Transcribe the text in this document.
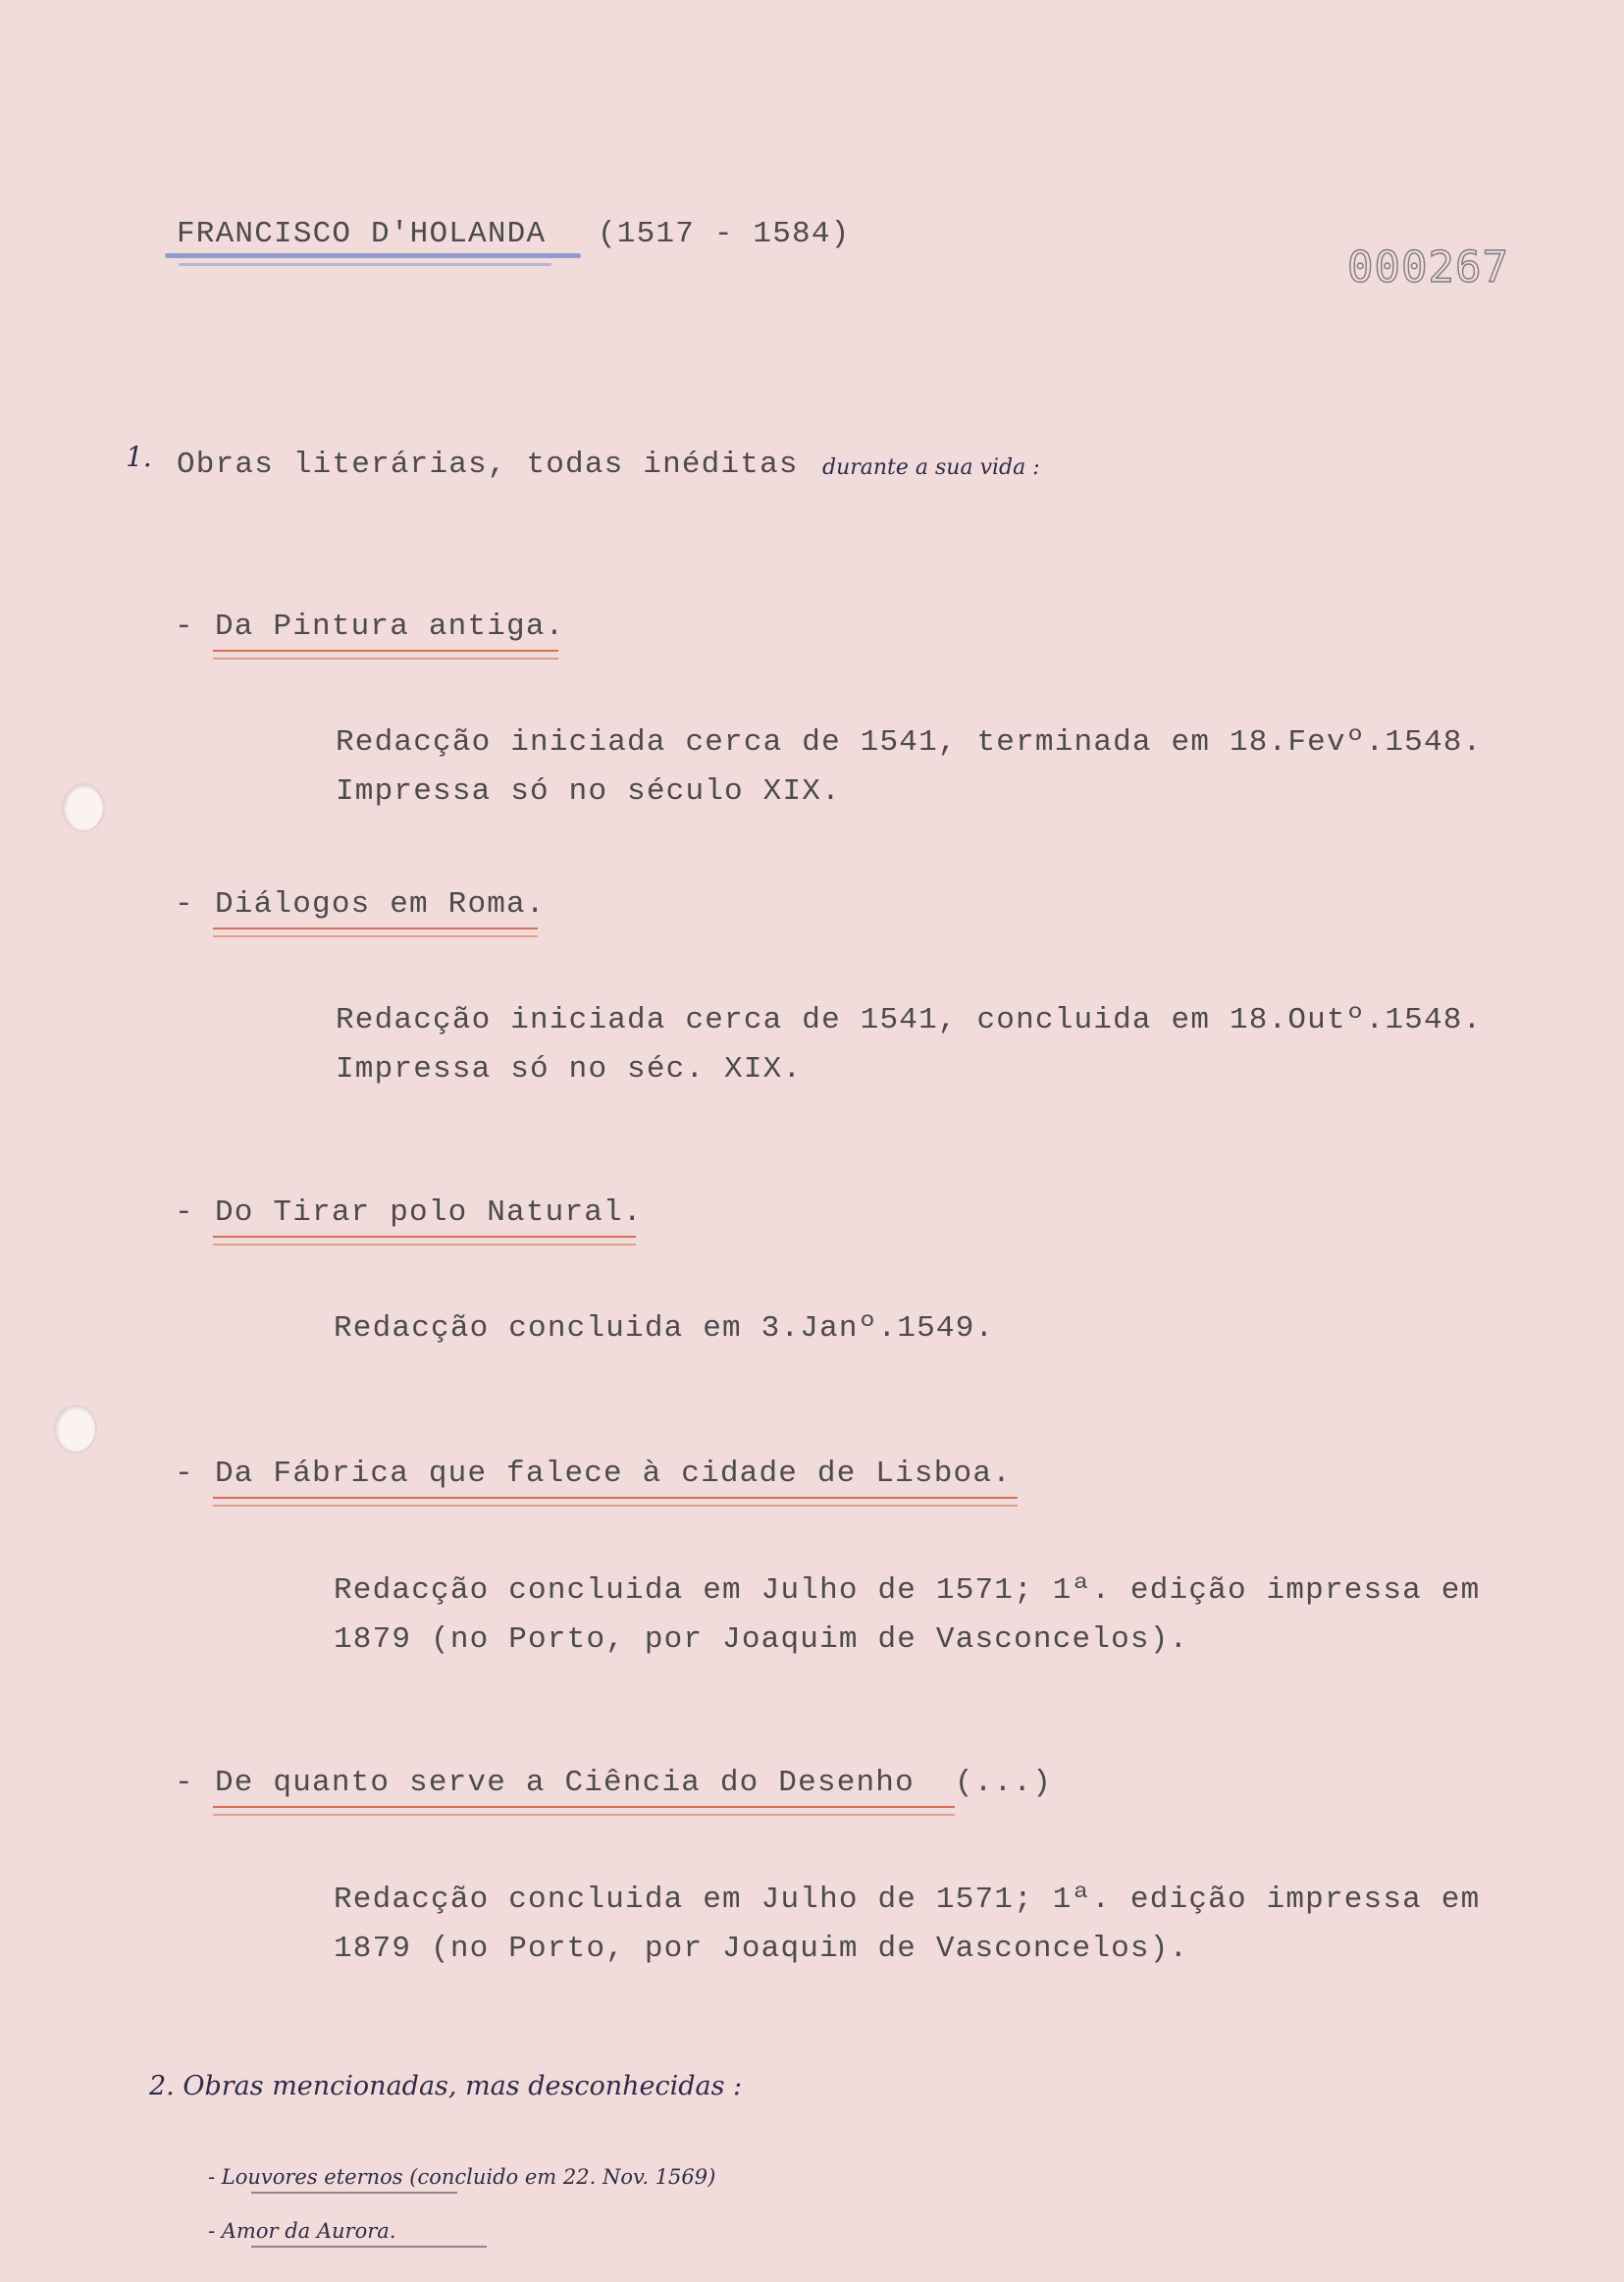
FRANCISCO D'HOLANDA (1517 - 1584)
000267
1. Obras literárias, todas inéditas durante a sua vida :
- Da Pintura antiga.
Redacção iniciada cerca de 1541, terminada em 18.Fevº.1548.
Impressa só no século XIX.
- Diálogos em Roma.
Redacção iniciada cerca de 1541, concluida em 18.Outº.1548.
Impressa só no séc. XIX.
- Do Tirar polo Natural.
Redacção concluida em 3.Janº.1549.
- Da Fábrica que falece à cidade de Lisboa.
Redacção concluida em Julho de 1571; 1ª. edição impressa em
1879 (no Porto, por Joaquim de Vasconcelos).
- De quanto serve a Ciência do Desenho (...)
Redacção concluida em Julho de 1571; 1ª. edição impressa em
1879 (no Porto, por Joaquim de Vasconcelos).
2. Obras mencionadas, mas desconhecidas :
- Louvores eternos (concluido em 22. Nov. 1569)
- Amor da Aurora.
